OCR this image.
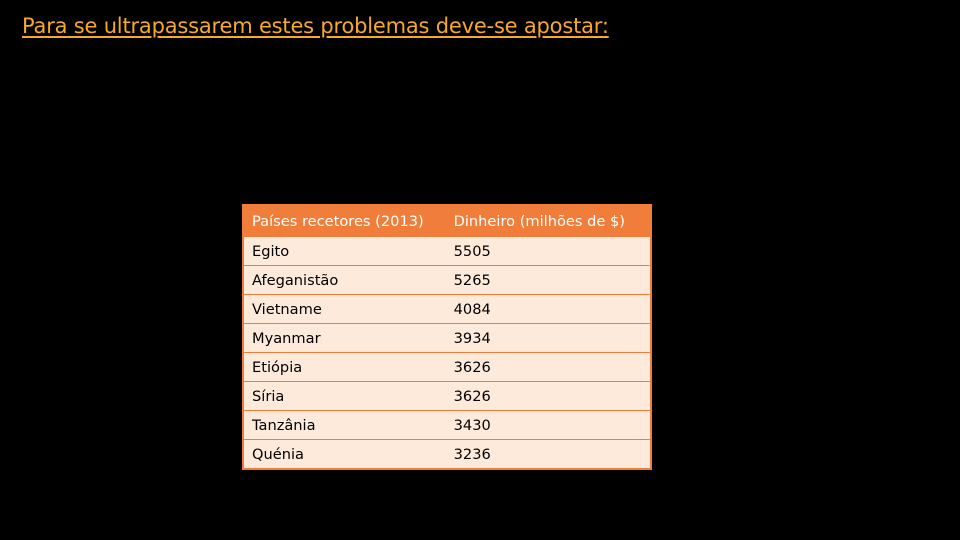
Para se ultrapassarem estes problemas deve-se apostar:

Cooperação internacional (ajuda ao desenvolvimento): prestação de serviços ou transferência de conhecimentos/tecnologia/dinheiro a custo muito reduzido ou a fundo perdido, de modo a que os países menos desenvolvidos possam ultrapassar os seus problemas que impedem o seu desenvolvimento.

Países recetores (2013)	Dinheiro (milhões de $)
Egito	5505
Afeganistão	5265
Vietname	4084
Myanmar	3934
Etiópia	3626
Síria	3626
Tanzânia	3430
Quénia	3236
